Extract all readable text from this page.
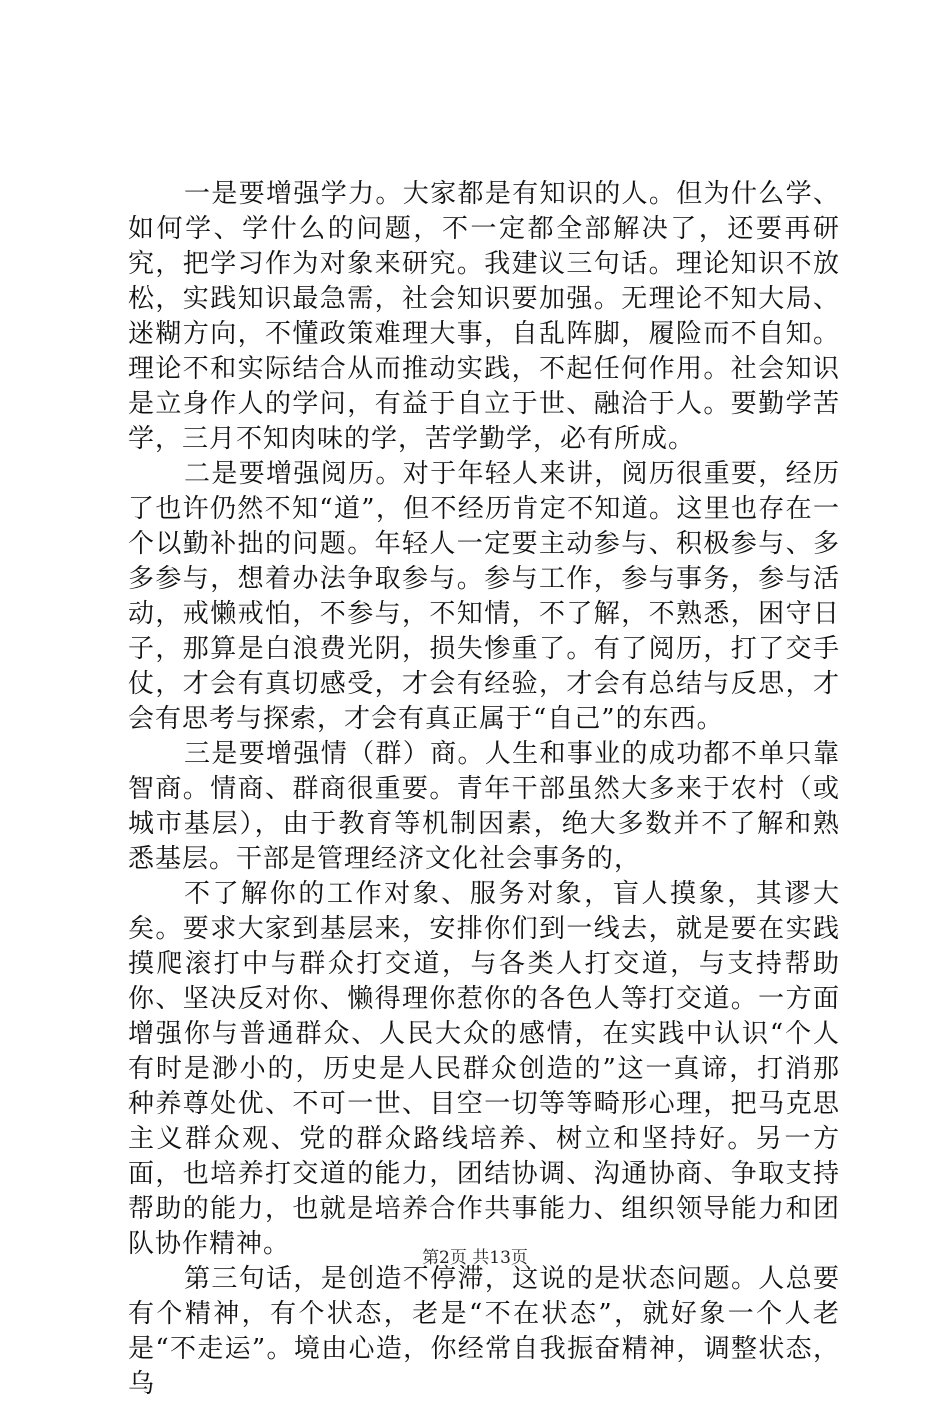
一是要增强学力。大家都是有知识的人。但为什么学、如何学、学什么的问题，不一定都全部解决了，还要再研究，把学习作为对象来研究。我建议三句话。理论知识不放松，实践知识最急需，社会知识要加强。无理论不知大局、迷糊方向，不懂政策难理大事，自乱阵脚，履险而不自知。理论不和实际结合从而推动实践，不起任何作用。社会知识是立身作人的学问，有益于自立于世、融洽于人。要勤学苦学，三月不知肉味的学，苦学勤学，必有所成。

二是要增强阅历。对于年轻人来讲，阅历很重要，经历了也许仍然不知“道”，但不经历肯定不知道。这里也存在一个以勤补拙的问题。年轻人一定要主动参与、积极参与、多多参与，想着办法争取参与。参与工作，参与事务，参与活动，戒懒戒怕，不参与，不知情，不了解，不熟悉，困守日子，那算是白浪费光阴，损失惨重了。有了阅历，打了交手仗，才会有真切感受，才会有经验，才会有总结与反思，才会有思考与探索，才会有真正属于“自己”的东西。

三是要增强情（群）商。人生和事业的成功都不单只靠智商。情商、群商很重要。青年干部虽然大多来于农村（或城市基层），由于教育等机制因素，绝大多数并不了解和熟悉基层。干部是管理经济文化社会事务的，

不了解你的工作对象、服务对象，盲人摸象，其谬大矣。要求大家到基层来，安排你们到一线去，就是要在实践摸爬滚打中与群众打交道，与各类人打交道，与支持帮助你、坚决反对你、懒得理你惹你的各色人等打交道。一方面增强你与普通群众、人民大众的感情，在实践中认识“个人有时是渺小的，历史是人民群众创造的”这一真谛，打消那种养尊处优、不可一世、目空一切等等畸形心理，把马克思主义群众观、党的群众路线培养、树立和坚持好。另一方面，也培养打交道的能力，团结协调、沟通协商、争取支持帮助的能力，也就是培养合作共事能力、组织领导能力和团队协作精神。

第三句话，是创造不停滞，这说的是状态问题。人总要有个精神，有个状态，老是“不在状态”，就好象一个人老是“不走运”。境由心造，你经常自我振奋精神，调整状态，乌

第2页 共13页
